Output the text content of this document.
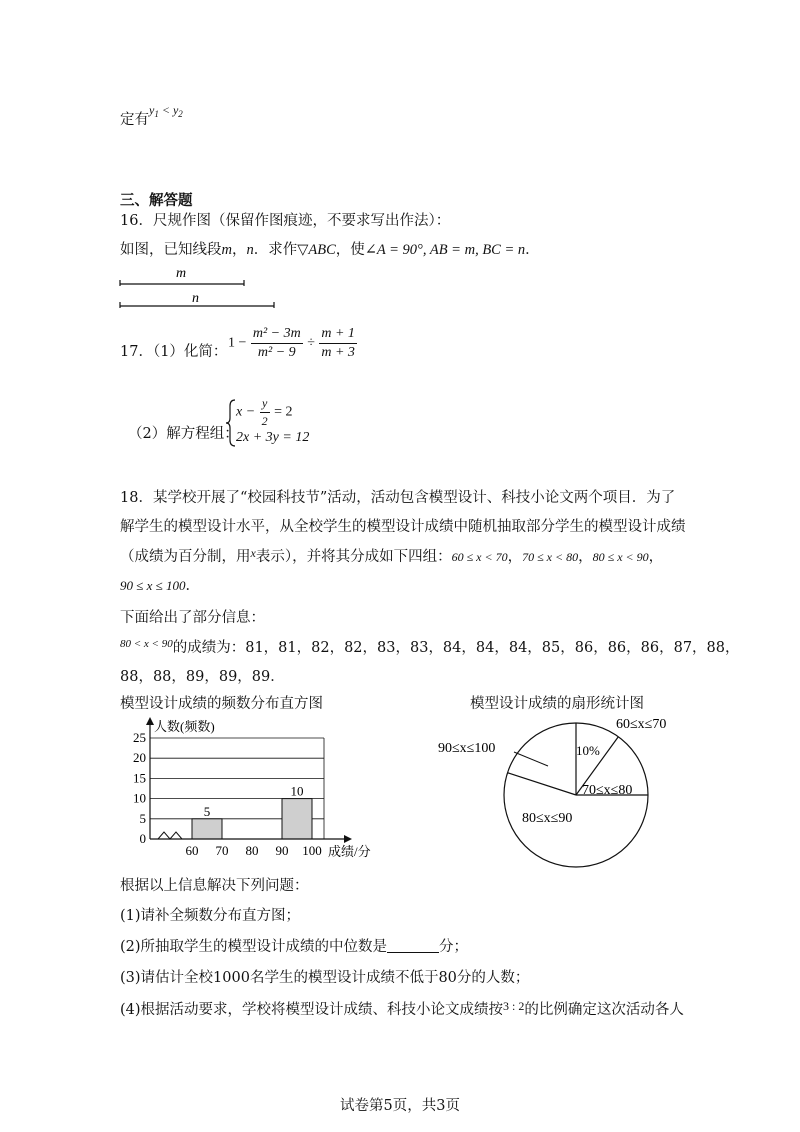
定有$^{y_1 < y_2}$
三、解答题
16．尺规作图（保留作图痕迹，不要求写出作法）：
如图，已知线段m，n．求作▽ABC，使∠A = 90°, AB = m, BC = n．
m
n
17．（1）化简：
$1 - \frac{\text{m² − 3m}}{\text{m² − 9}} \div \frac{m + 1}{m + 3}$
（2）解方程组：
$x - \frac{y}{2} = 2$
2x + 3y = 12
18．某学校开展了“校园科技节”活动，活动包含模型设计、科技小论文两个项目．为了
解学生的模型设计水平，从全校学生的模型设计成绩中随机抽取部分学生的模型设计成绩
（成绩为百分制，用$^x$表示），并将其分成如下四组：60 ≤ x < 70，70 ≤ x < 80，80 ≤ x < 90，
90 ≤ x ≤ 100．
下面给出了部分信息：
$^{80 < x < 90}$的成绩为：81，81，82，82，83，83，84，84，84，85，86，86，86，87，88，
88，88，89，89，89．
模型设计成绩的频数分布直方图	模型设计成绩的扇形统计图
5
10
人数(频数)
成绩/分
0
5
10
15
20
25
60 70 80 90 100
60≤x≤70
70≤x≤80
80≤x≤90
90≤x≤100	10%
根据以上信息解决下列问题：
(1)请补全频数分布直方图；
(2)所抽取学生的模型设计成绩的中位数是	分；
(3)请估计全校1000名学生的模型设计成绩不低于80分的人数；
(4)根据活动要求，学校将模型设计成绩、科技小论文成绩按$^{3 : 2}$的比例确定这次活动各人
试卷第5页，共3页
